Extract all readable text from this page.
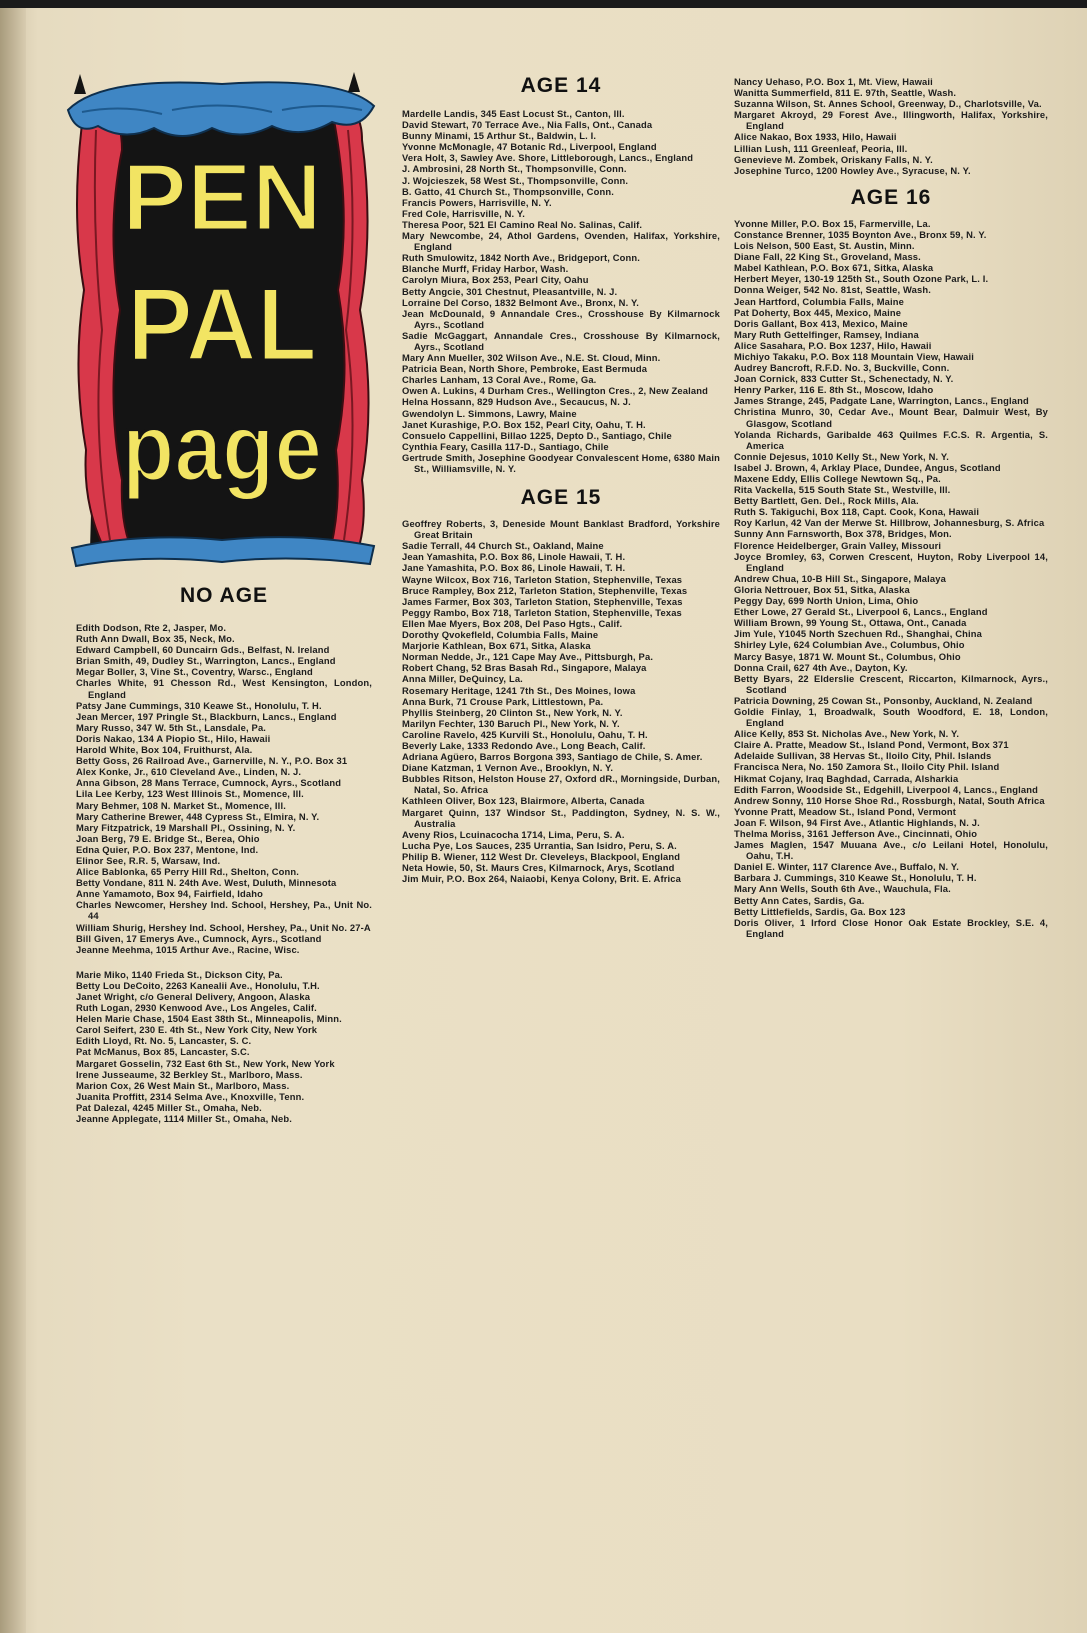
PEN
PAL
page
NO AGE
Edith Dodson, Rte 2, Jasper, Mo.
Ruth Ann Dwall, Box 35, Neck, Mo.
Edward Campbell, 60 Duncairn Gds., Belfast, N. Ireland
Brian Smith, 49, Dudley St., Warrington, Lancs., England
Megar Boller, 3, Vine St., Coventry, Warsc., England
Charles White, 91 Chesson Rd., West Kensington, London, England
Patsy Jane Cummings, 310 Keawe St., Honolulu, T. H.
Jean Mercer, 197 Pringle St., Blackburn, Lancs., England
Mary Russo, 347 W. 5th St., Lansdale, Pa.
Doris Nakao, 134 A Piopio St., Hilo, Hawaii
Harold White, Box 104, Fruithurst, Ala.
Betty Goss, 26 Railroad Ave., Garnerville, N. Y., P.O. Box 31
Alex Konke, Jr., 610 Cleveland Ave., Linden, N. J.
Anna Gibson, 28 Mans Terrace, Cumnock, Ayrs., Scotland
Lila Lee Kerby, 123 West Illinois St., Momence, Ill.
Mary Behmer, 108 N. Market St., Momence, Ill.
Mary Catherine Brewer, 448 Cypress St., Elmira, N. Y.
Mary Fitzpatrick, 19 Marshall Pl., Ossining, N. Y.
Joan Berg, 79 E. Bridge St., Berea, Ohio
Edna Quier, P.O. Box 237, Mentone, Ind.
Elinor See, R.R. 5, Warsaw, Ind.
Alice Bablonka, 65 Perry Hill Rd., Shelton, Conn.
Betty Vondane, 811 N. 24th Ave. West, Duluth, Minnesota
Anne Yamamoto, Box 94, Fairfield, Idaho
Charles Newcomer, Hershey Ind. School, Hershey, Pa., Unit No. 44
William Shurig, Hershey Ind. School, Hershey, Pa., Unit No. 27-A
Bill Given, 17 Emerys Ave., Cumnock, Ayrs., Scotland
Jeanne Meehma, 1015 Arthur Ave., Racine, Wisc.
Marie Miko, 1140 Frieda St., Dickson City, Pa.
Betty Lou DeCoito, 2263 Kanealii Ave., Honolulu, T.H.
Janet Wright, c/o General Delivery, Angoon, Alaska
Ruth Logan, 2930 Kenwood Ave., Los Angeles, Calif.
Helen Marie Chase, 1504 East 38th St., Minneapolis, Minn.
Carol Seifert, 230 E. 4th St., New York City, New York
Edith Lloyd, Rt. No. 5, Lancaster, S. C.
Pat McManus, Box 85, Lancaster, S.C.
Margaret Gosselin, 732 East 6th St., New York, New York
Irene Jusseaume, 32 Berkley St., Marlboro, Mass.
Marion Cox, 26 West Main St., Marlboro, Mass.
Juanita Proffitt, 2314 Selma Ave., Knoxville, Tenn.
Pat Dalezal, 4245 Miller St., Omaha, Neb.
Jeanne Applegate, 1114 Miller St., Omaha, Neb.
AGE 14
Mardelle Landis, 345 East Locust St., Canton, Ill.
David Stewart, 70 Terrace Ave., Nia Falls, Ont., Canada
Bunny Minami, 15 Arthur St., Baldwin, L. I.
Yvonne McMonagle, 47 Botanic Rd., Liverpool, England
Vera Holt, 3, Sawley Ave. Shore, Littleborough, Lancs., England
J. Ambrosini, 28 North St., Thompsonville, Conn.
J. Wojcieszek, 58 West St., Thompsonville, Conn.
B. Gatto, 41 Church St., Thompsonville, Conn.
Francis Powers, Harrisville, N. Y.
Fred Cole, Harrisville, N. Y.
Theresa Poor, 521 El Camino Real No. Salinas, Calif.
Mary Newcombe, 24, Athol Gardens, Ovenden, Halifax, Yorkshire, England
Ruth Smulowitz, 1842 North Ave., Bridgeport, Conn.
Blanche Murff, Friday Harbor, Wash.
Carolyn Miura, Box 253, Pearl City, Oahu
Betty Angcie, 301 Chestnut, Pleasantville, N. J.
Lorraine Del Corso, 1832 Belmont Ave., Bronx, N. Y.
Jean McDounald, 9 Annandale Cres., Crosshouse By Kilmarnock Ayrs., Scotland
Sadie McGaggart, Annandale Cres., Crosshouse By Kilmarnock, Ayrs., Scotland
Mary Ann Mueller, 302 Wilson Ave., N.E. St. Cloud, Minn.
Patricia Bean, North Shore, Pembroke, East Bermuda
Charles Lanham, 13 Coral Ave., Rome, Ga.
Owen A. Lukins, 4 Durham Cres., Wellington Cres., 2, New Zealand
Helna Hossann, 829 Hudson Ave., Secaucus, N. J.
Gwendolyn L. Simmons, Lawry, Maine
Janet Kurashige, P.O. Box 152, Pearl City, Oahu, T. H.
Consuelo Cappellini, Billao 1225, Depto D., Santiago, Chile
Cynthia Feary, Casilla 117-D., Santiago, Chile
Gertrude Smith, Josephine Goodyear Convalescent Home, 6380 Main St., Williamsville, N. Y.
AGE 15
Geoffrey Roberts, 3, Deneside Mount Banklast Bradford, Yorkshire Great Britain
Sadie Terrall, 44 Church St., Oakland, Maine
Jean Yamashita, P.O. Box 86, Linole Hawaii, T. H.
Jane Yamashita, P.O. Box 86, Linole Hawaii, T. H.
Wayne Wilcox, Box 716, Tarleton Station, Stephenville, Texas
Bruce Rampley, Box 212, Tarleton Station, Stephenville, Texas
James Farmer, Box 303, Tarleton Station, Stephenville, Texas
Peggy Rambo, Box 718, Tarleton Station, Stephenville, Texas
Ellen Mae Myers, Box 208, Del Paso Hgts., Calif.
Dorothy Qvokefleld, Columbia Falls, Maine
Marjorie Kathlean, Box 671, Sitka, Alaska
Norman Nedde, Jr., 121 Cape May Ave., Pittsburgh, Pa.
Robert Chang, 52 Bras Basah Rd., Singapore, Malaya
Anna Miller, DeQuincy, La.
Rosemary Heritage, 1241 7th St., Des Moines, Iowa
Anna Burk, 71 Crouse Park, Littlestown, Pa.
Phyllis Steinberg, 20 Clinton St., New York, N. Y.
Marilyn Fechter, 130 Baruch Pl., New York, N. Y.
Caroline Ravelo, 425 Kurvili St., Honolulu, Oahu, T. H.
Beverly Lake, 1333 Redondo Ave., Long Beach, Calif.
Adriana Agüero, Barros Borgona 393, Santiago de Chile, S. Amer.
Diane Katzman, 1 Vernon Ave., Brooklyn, N. Y.
Bubbles Ritson, Helston House 27, Oxford dR., Morningside, Durban, Natal, So. Africa
Kathleen Oliver, Box 123, Blairmore, Alberta, Canada
Margaret Quinn, 137 Windsor St., Paddington, Sydney, N. S. W., Australia
Aveny Rios, Lcuinacocha 1714, Lima, Peru, S. A.
Lucha Pye, Los Sauces, 235 Urrantia, San Isidro, Peru, S. A.
Philip B. Wiener, 112 West Dr. Cleveleys, Blackpool, England
Neta Howie, 50, St. Maurs Cres, Kilmarnock, Arys, Scotland
Jim Muir, P.O. Box 264, Naiaobi, Kenya Colony, Brit. E. Africa
Nancy Uehaso, P.O. Box 1, Mt. View, Hawaii
Wanitta Summerfield, 811 E. 97th, Seattle, Wash.
Suzanna Wilson, St. Annes School, Greenway, D., Charlotsville, Va.
Margaret Akroyd, 29 Forest Ave., Illingworth, Halifax, Yorkshire, England
Alice Nakao, Box 1933, Hilo, Hawaii
Lillian Lush, 111 Greenleaf, Peoria, Ill.
Genevieve M. Zombek, Oriskany Falls, N. Y.
Josephine Turco, 1200 Howley Ave., Syracuse, N. Y.
AGE 16
Yvonne Miller, P.O. Box 15, Farmerville, La.
Constance Brenner, 1035 Boynton Ave., Bronx 59, N. Y.
Lois Nelson, 500 East, St. Austin, Minn.
Diane Fall, 22 King St., Groveland, Mass.
Mabel Kathlean, P.O. Box 671, Sitka, Alaska
Herbert Meyer, 130-19 125th St., South Ozone Park, L. I.
Donna Weiger, 542 No. 81st, Seattle, Wash.
Jean Hartford, Columbia Falls, Maine
Pat Doherty, Box 445, Mexico, Maine
Doris Gallant, Box 413, Mexico, Maine
Mary Ruth Gettelfinger, Ramsey, Indiana
Alice Sasahara, P.O. Box 1237, Hilo, Hawaii
Michiyo Takaku, P.O. Box 118 Mountain View, Hawaii
Audrey Bancroft, R.F.D. No. 3, Buckville, Conn.
Joan Cornick, 833 Cutter St., Schenectady, N. Y.
Henry Parker, 116 E. 8th St., Moscow, Idaho
James Strange, 245, Padgate Lane, Warrington, Lancs., England
Christina Munro, 30, Cedar Ave., Mount Bear, Dalmuir West, By Glasgow, Scotland
Yolanda Richards, Garibalde 463 Quilmes F.C.S. R. Argentia, S. America
Connie Dejesus, 1010 Kelly St., New York, N. Y.
Isabel J. Brown, 4, Arklay Place, Dundee, Angus, Scotland
Maxene Eddy, Ellis College Newtown Sq., Pa.
Rita Vackella, 515 South State St., Westville, Ill.
Betty Bartlett, Gen. Del., Rock Mills, Ala.
Ruth S. Takiguchi, Box 118, Capt. Cook, Kona, Hawaii
Roy Karlun, 42 Van der Merwe St. Hillbrow, Johannesburg, S. Africa
Sunny Ann Farnsworth, Box 378, Bridges, Mon.
Florence Heidelberger, Grain Valley, Missouri
Joyce Bromley, 63, Corwen Crescent, Huyton, Roby Liverpool 14, England
Andrew Chua, 10-B Hill St., Singapore, Malaya
Gloria Nettrouer, Box 51, Sitka, Alaska
Peggy Day, 699 North Union, Lima, Ohio
Ether Lowe, 27 Gerald St., Liverpool 6, Lancs., England
William Brown, 99 Young St., Ottawa, Ont., Canada
Jim Yule, Y1045 North Szechuen Rd., Shanghai, China
Shirley Lyle, 624 Columbian Ave., Columbus, Ohio
Marcy Basye, 1871 W. Mount St., Columbus, Ohio
Donna Crail, 627 4th Ave., Dayton, Ky.
Betty Byars, 22 Elderslie Crescent, Riccarton, Kilmarnock, Ayrs., Scotland
Patricia Downing, 25 Cowan St., Ponsonby, Auckland, N. Zealand
Goldie Finlay, 1, Broadwalk, South Woodford, E. 18, London, England
Alice Kelly, 853 St. Nicholas Ave., New York, N. Y.
Claire A. Pratte, Meadow St., Island Pond, Vermont, Box 371
Adelaide Sullivan, 38 Hervas St., Iloilo City, Phil. Islands
Francisca Nera, No. 150 Zamora St., Iloilo City Phil. Island
Hikmat Cojany, Iraq Baghdad, Carrada, Alsharkia
Edith Farron, Woodside St., Edgehill, Liverpool 4, Lancs., England
Andrew Sonny, 110 Horse Shoe Rd., Rossburgh, Natal, South Africa
Yvonne Pratt, Meadow St., Island Pond, Vermont
Joan F. Wilson, 94 First Ave., Atlantic Highlands, N. J.
Thelma Moriss, 3161 Jefferson Ave., Cincinnati, Ohio
James Maglen, 1547 Muuana Ave., c/o Leilani Hotel, Honolulu, Oahu, T.H.
Daniel E. Winter, 117 Clarence Ave., Buffalo, N. Y.
Barbara J. Cummings, 310 Keawe St., Honolulu, T. H.
Mary Ann Wells, South 6th Ave., Wauchula, Fla.
Betty Ann Cates, Sardis, Ga.
Betty Littlefields, Sardis, Ga. Box 123
Doris Oliver, 1 Irford Close Honor Oak Estate Brockley, S.E. 4, England
